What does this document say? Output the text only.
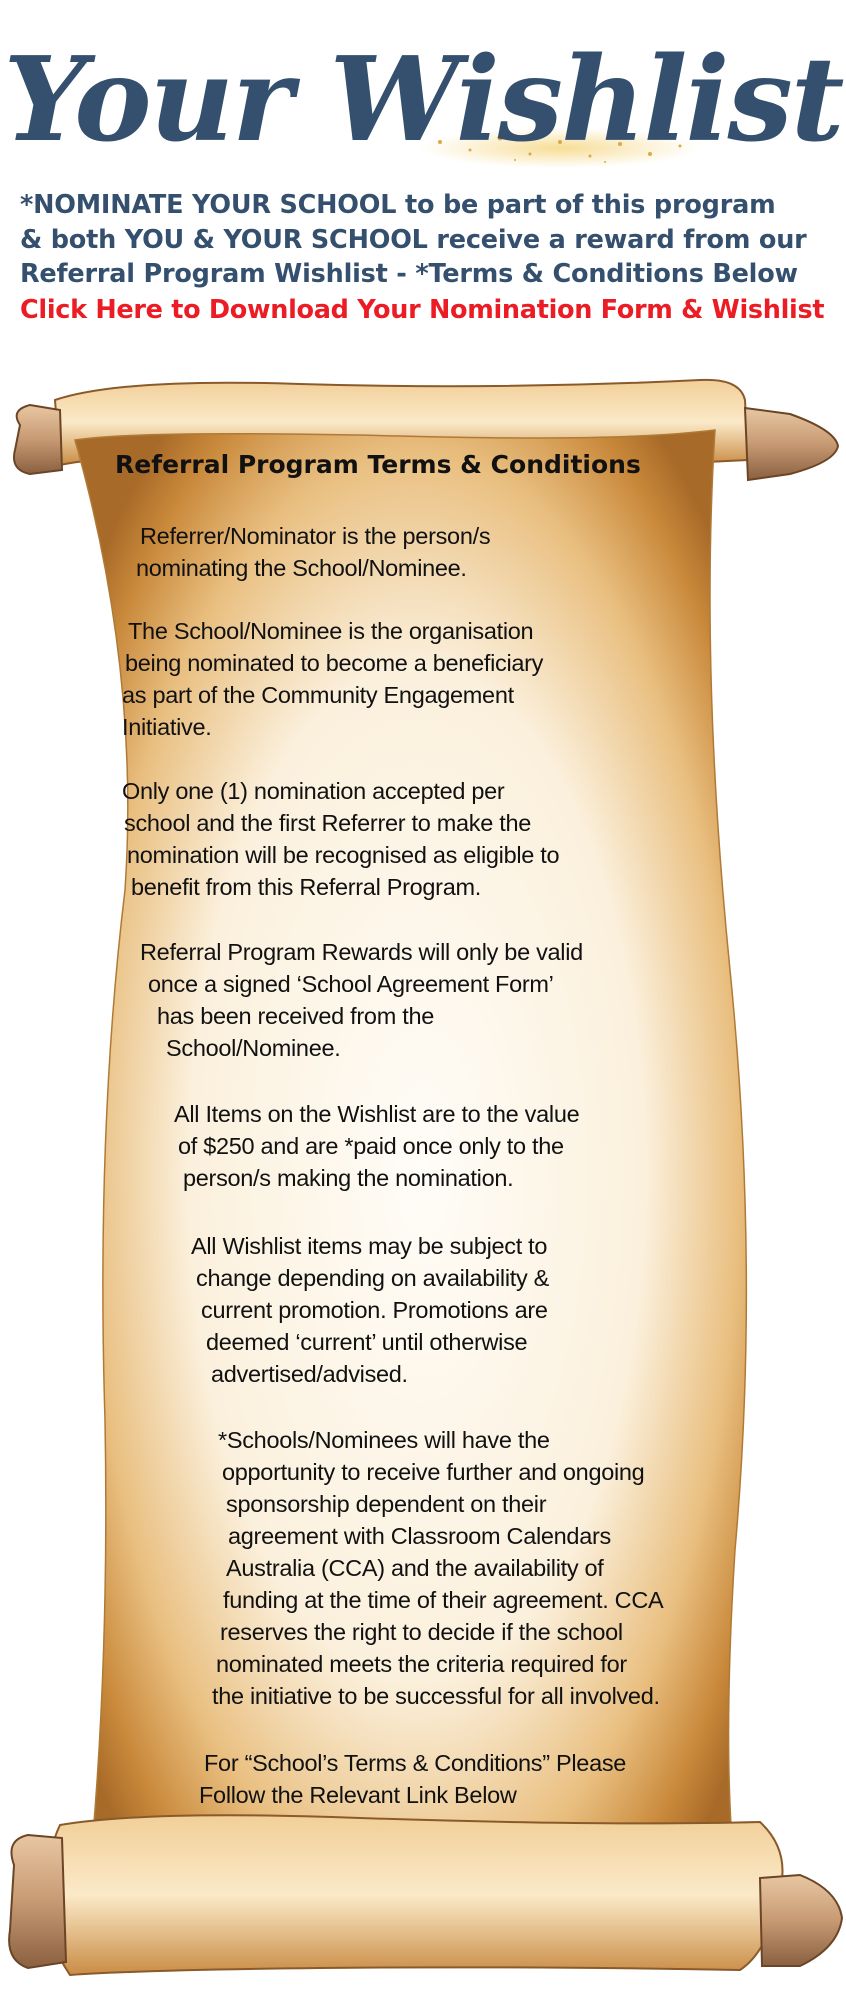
Your Wishlist
*NOMINATE YOUR SCHOOL to be part of this program
& both YOU & YOUR SCHOOL receive a reward from our
Referral Program Wishlist - *Terms & Conditions Below
Click Here to Download Your Nomination Form & Wishlist
Referral Program Terms & Conditions
Referrer/Nominator is the person/s
nominating the School/Nominee.
The School/Nominee is the organisation
being nominated to become a beneficiary
as part of the Community Engagement
Initiative.
Only one (1) nomination accepted per
school and the first Referrer to make the
nomination will be recognised as eligible to
benefit from this Referral Program.
Referral Program Rewards will only be valid
once a signed ‘School Agreement Form’
has been received from the
School/Nominee.
All Items on the Wishlist are to the value
of $250 and are *paid once only to the
person/s making the nomination.
All Wishlist items may be subject to
change depending on availability &
current promotion. Promotions are
deemed ‘current’ until otherwise
advertised/advised.
*Schools/Nominees will have the
opportunity to receive further and ongoing
sponsorship dependent on their
agreement with Classroom Calendars
Australia (CCA) and the availability of
funding at the time of their agreement. CCA
reserves the right to decide if the school
nominated meets the criteria required for
the initiative to be successful for all involved.
For “School’s Terms & Conditions” Please
Follow the Relevant Link Below
